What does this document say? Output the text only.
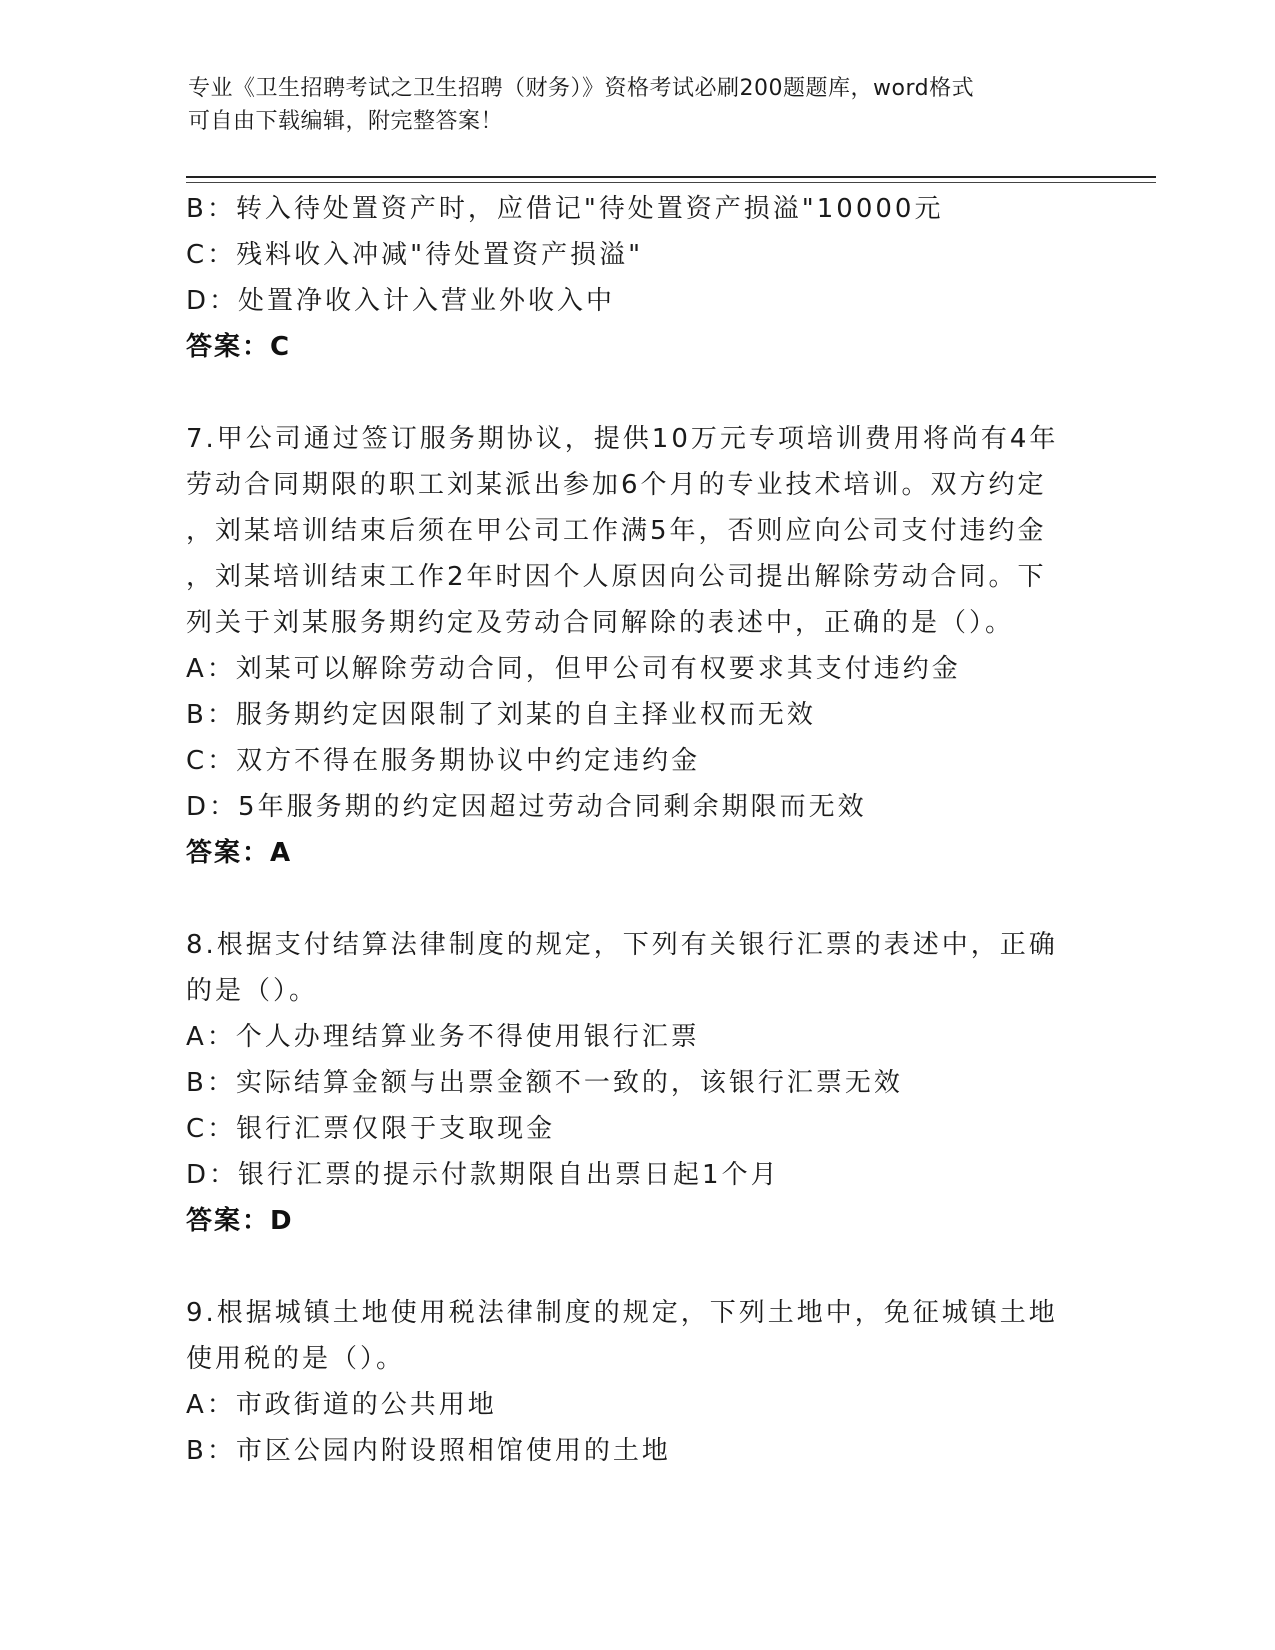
专业《卫生招聘考试之卫生招聘（财务）》资格考试必刷200题题库，word格式
可自由下载编辑，附完整答案！
B：转入待处置资产时，应借记"待处置资产损溢"10000元
C：残料收入冲减"待处置资产损溢"
D：处置净收入计入营业外收入中
答案：C
7.甲公司通过签订服务期协议，提供10万元专项培训费用将尚有4年
劳动合同期限的职工刘某派出参加6个月的专业技术培训。双方约定
，刘某培训结束后须在甲公司工作满5年，否则应向公司支付违约金
，刘某培训结束工作2年时因个人原因向公司提出解除劳动合同。下
列关于刘某服务期约定及劳动合同解除的表述中，正确的是（）。
A：刘某可以解除劳动合同，但甲公司有权要求其支付违约金
B：服务期约定因限制了刘某的自主择业权而无效
C：双方不得在服务期协议中约定违约金
D：5年服务期的约定因超过劳动合同剩余期限而无效
答案：A
8.根据支付结算法律制度的规定，下列有关银行汇票的表述中，正确
的是（）。
A：个人办理结算业务不得使用银行汇票
B：实际结算金额与出票金额不一致的，该银行汇票无效
C：银行汇票仅限于支取现金
D：银行汇票的提示付款期限自出票日起1个月
答案：D
9.根据城镇土地使用税法律制度的规定，下列土地中，免征城镇土地
使用税的是（）。
A：市政街道的公共用地
B：市区公园内附设照相馆使用的土地
